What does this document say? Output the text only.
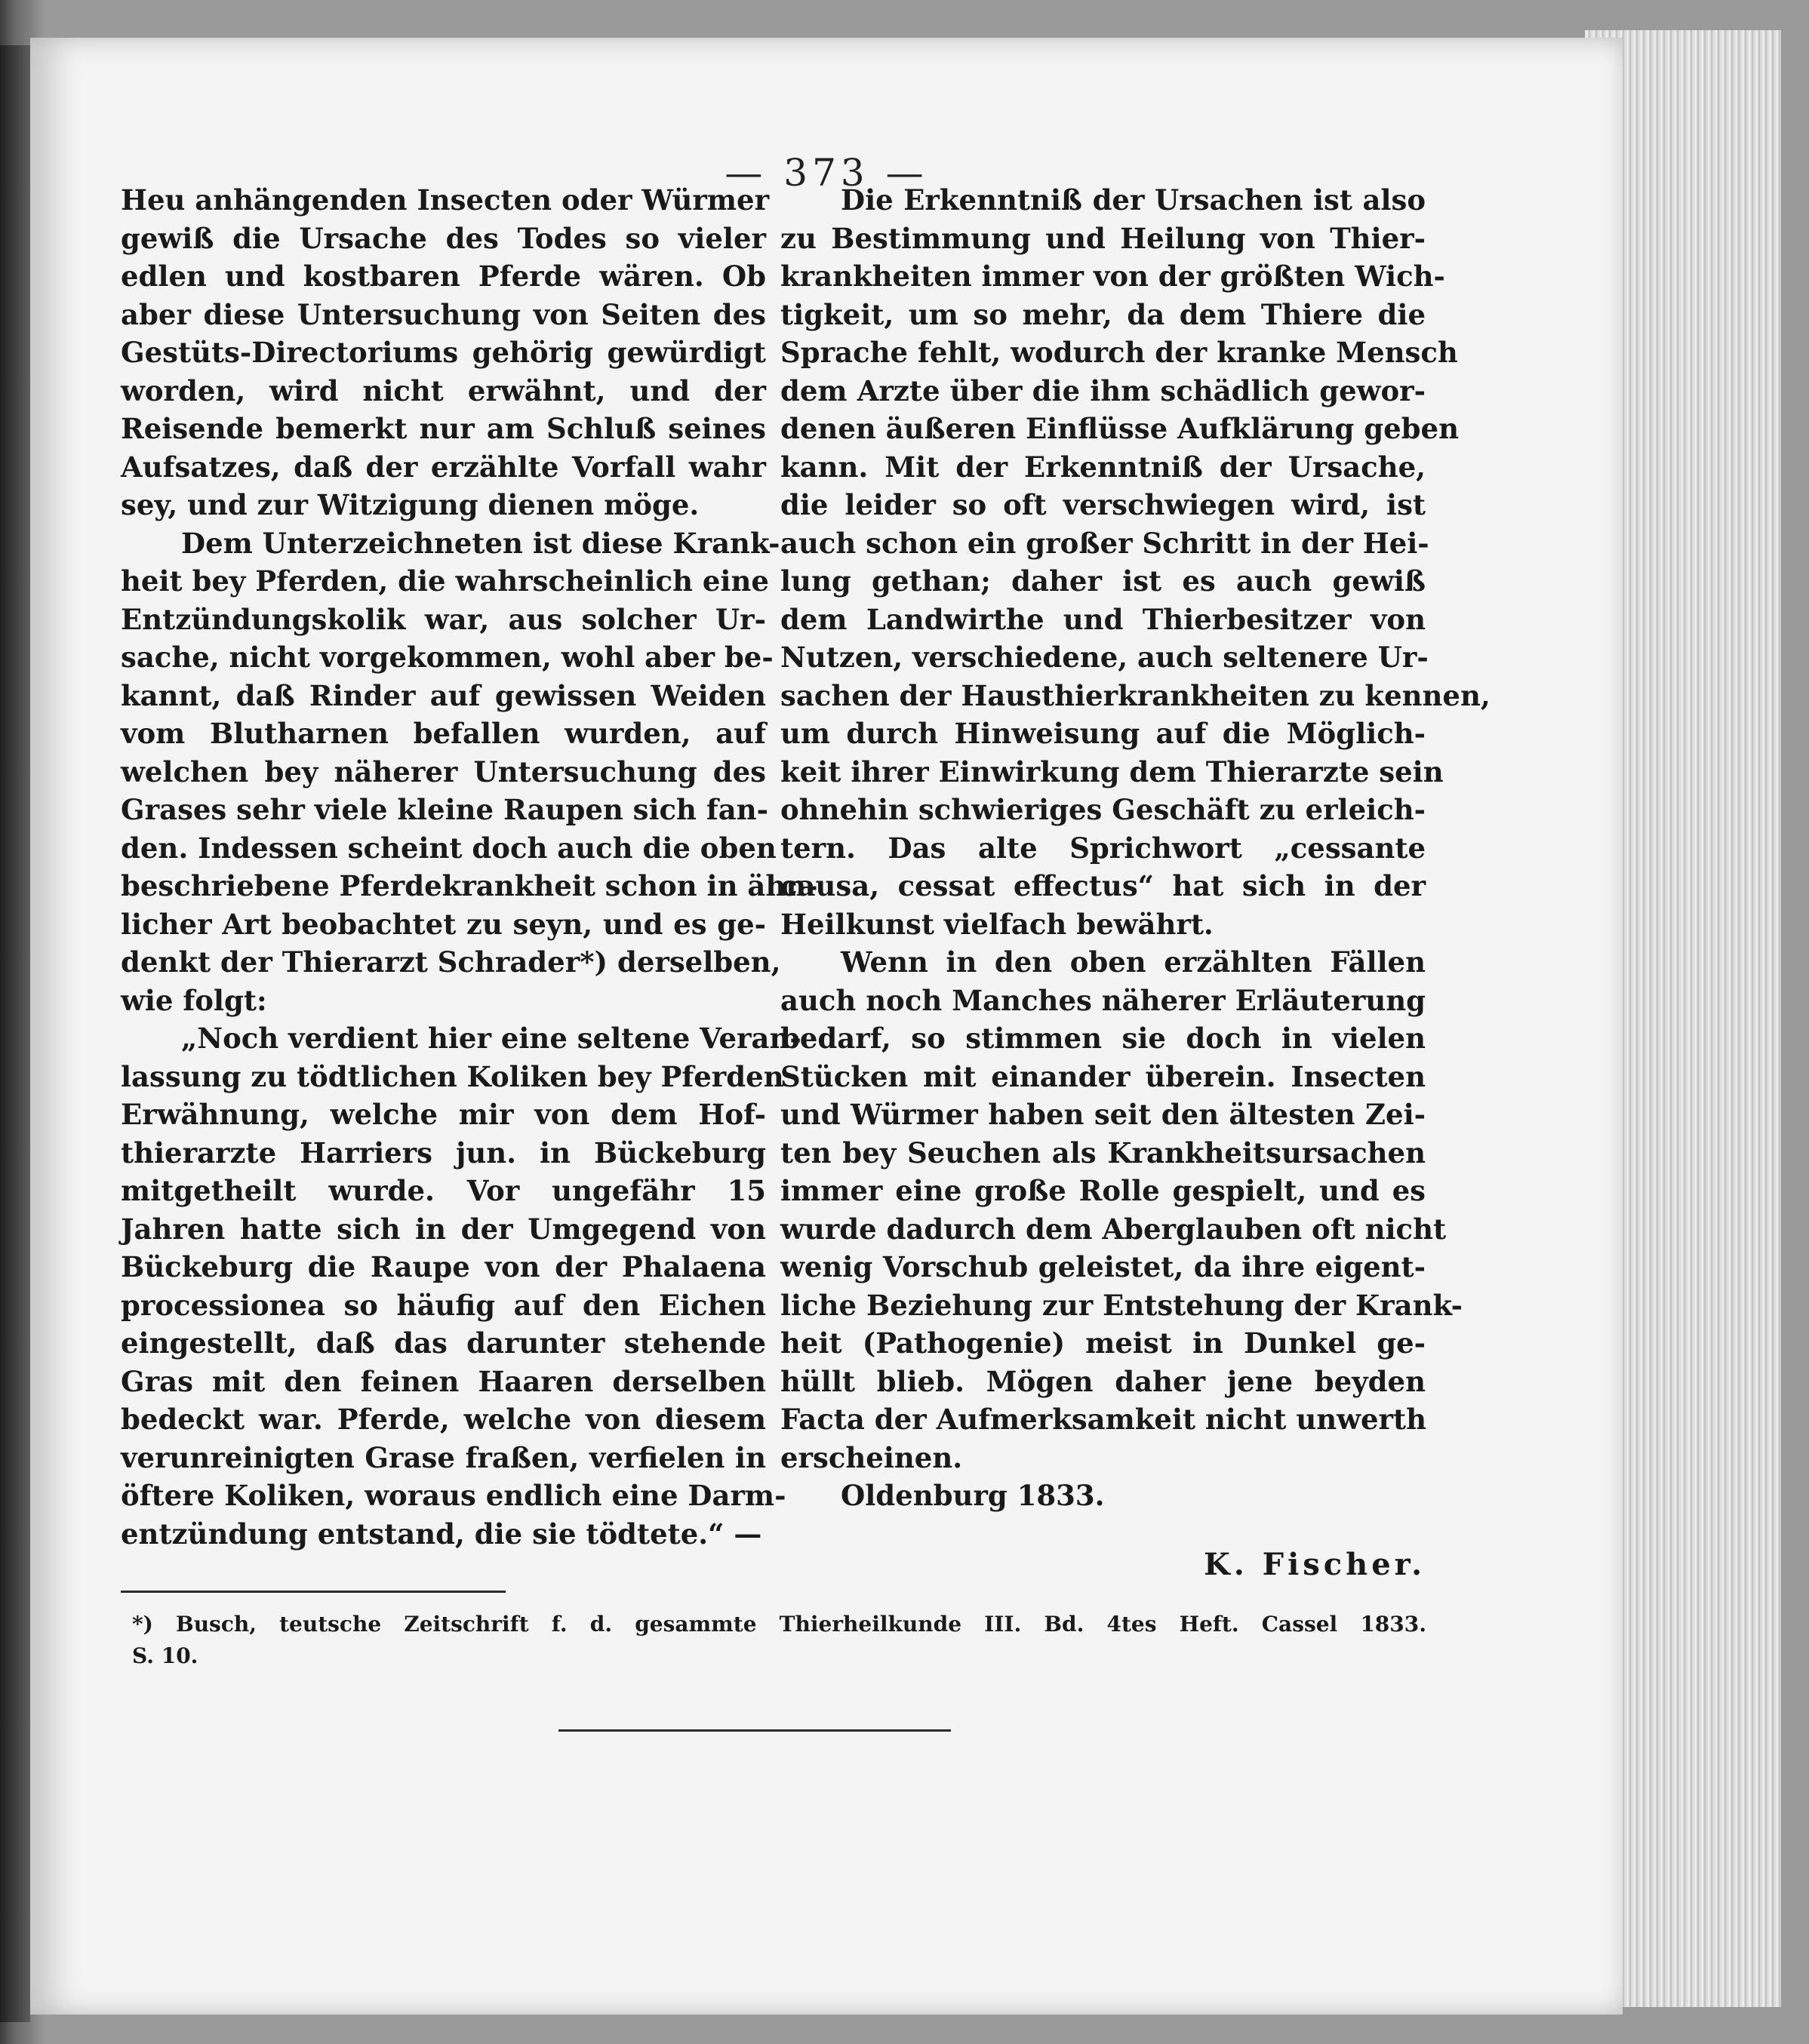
— 373 —
Heu anhängenden Insecten oder Würmer
gewiß die Ursache des Todes so vieler
edlen und kostbaren Pferde wären. Ob
aber diese Untersuchung von Seiten des
Gestüts-Directoriums gehörig gewürdigt
worden, wird nicht erwähnt, und der
Reisende bemerkt nur am Schluß seines
Aufsatzes, daß der erzählte Vorfall wahr
sey, und zur Witzigung dienen möge.
Dem Unterzeichneten ist diese Krank-
heit bey Pferden, die wahrscheinlich eine
Entzündungskolik war, aus solcher Ur-
sache, nicht vorgekommen, wohl aber be-
kannt, daß Rinder auf gewissen Weiden
vom Blutharnen befallen wurden, auf
welchen bey näherer Untersuchung des
Grases sehr viele kleine Raupen sich fan-
den. Indessen scheint doch auch die oben
beschriebene Pferdekrankheit schon in ähn-
licher Art beobachtet zu seyn, und es ge-
denkt der Thierarzt Schrader*) derselben,
wie folgt:
„Noch verdient hier eine seltene Veran-
lassung zu tödtlichen Koliken bey Pferden
Erwähnung, welche mir von dem Hof-
thierarzte Harriers jun. in Bückeburg
mitgetheilt wurde. Vor ungefähr 15
Jahren hatte sich in der Umgegend von
Bückeburg die Raupe von der Phalaena
processionea so häufig auf den Eichen
eingestellt, daß das darunter stehende
Gras mit den feinen Haaren derselben
bedeckt war. Pferde, welche von diesem
verunreinigten Grase fraßen, verfielen in
öftere Koliken, woraus endlich eine Darm-
entzündung entstand, die sie tödtete.“ —
Die Erkenntniß der Ursachen ist also
zu Bestimmung und Heilung von Thier-
krankheiten immer von der größten Wich-
tigkeit, um so mehr, da dem Thiere die
Sprache fehlt, wodurch der kranke Mensch
dem Arzte über die ihm schädlich gewor-
denen äußeren Einflüsse Aufklärung geben
kann. Mit der Erkenntniß der Ursache,
die leider so oft verschwiegen wird, ist
auch schon ein großer Schritt in der Hei-
lung gethan; daher ist es auch gewiß
dem Landwirthe und Thierbesitzer von
Nutzen, verschiedene, auch seltenere Ur-
sachen der Hausthierkrankheiten zu kennen,
um durch Hinweisung auf die Möglich-
keit ihrer Einwirkung dem Thierarzte sein
ohnehin schwieriges Geschäft zu erleich-
tern. Das alte Sprichwort „cessante
causa, cessat effectus“ hat sich in der
Heilkunst vielfach bewährt.
Wenn in den oben erzählten Fällen
auch noch Manches näherer Erläuterung
bedarf, so stimmen sie doch in vielen
Stücken mit einander überein. Insecten
und Würmer haben seit den ältesten Zei-
ten bey Seuchen als Krankheitsursachen
immer eine große Rolle gespielt, und es
wurde dadurch dem Aberglauben oft nicht
wenig Vorschub geleistet, da ihre eigent-
liche Beziehung zur Entstehung der Krank-
heit (Pathogenie) meist in Dunkel ge-
hüllt blieb. Mögen daher jene beyden
Facta der Aufmerksamkeit nicht unwerth
erscheinen.
Oldenburg 1833.
K. Fischer.
*) Busch, teutsche Zeitschrift f. d. gesammte Thierheilkunde III. Bd. 4tes Heft. Cassel 1833.
S. 10.
